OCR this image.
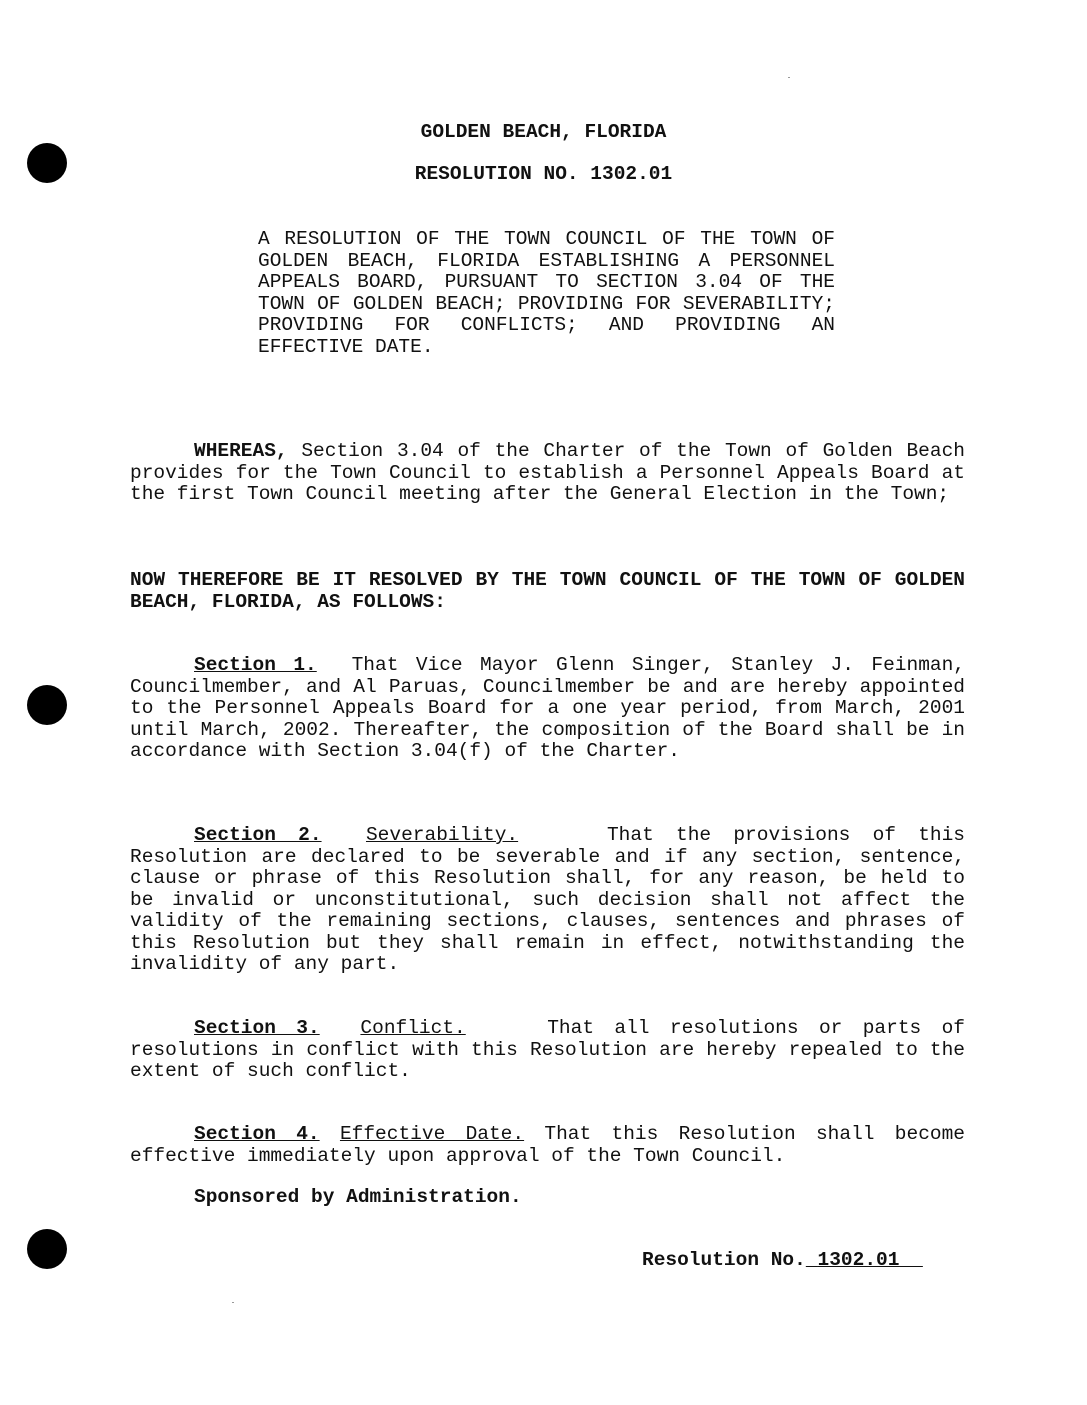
GOLDEN BEACH, FLORIDA
RESOLUTION NO. 1302.01
A RESOLUTION OF THE TOWN COUNCIL OF THE TOWN OF GOLDEN BEACH, FLORIDA ESTABLISHING A PERSONNEL APPEALS BOARD, PURSUANT TO SECTION 3.04 OF THE TOWN OF GOLDEN BEACH; PROVIDING FOR SEVERABILITY; PROVIDING FOR CONFLICTS; AND PROVIDING AN EFFECTIVE DATE.
WHEREAS, Section 3.04 of the Charter of the Town of Golden Beach provides for the Town Council to establish a Personnel Appeals Board at the first Town Council meeting after the General Election in the Town;
NOW THEREFORE BE IT RESOLVED BY THE TOWN COUNCIL OF THE TOWN OF GOLDEN BEACH, FLORIDA, AS FOLLOWS:
Section 1. That Vice Mayor Glenn Singer, Stanley J. Feinman, Councilmember, and Al Paruas, Councilmember be and are hereby appointed to the Personnel Appeals Board for a one year period, from March, 2001 until March, 2002. Thereafter, the composition of the Board shall be in accordance with Section 3.04(f) of the Charter.
Section 2. Severability.	That the provisions of this Resolution are declared to be severable and if any section, sentence, clause or phrase of this Resolution shall, for any reason, be held to be invalid or unconstitutional, such decision shall not affect the validity of the remaining sections, clauses, sentences and phrases of this Resolution but they shall remain in effect, notwithstanding the invalidity of any part.
Section 3. Conflict.	That all resolutions or parts of resolutions in conflict with this Resolution are hereby repealed to the extent of such conflict.
Section 4. Effective Date. That this Resolution shall become effective immediately upon approval of the Town Council.
Sponsored by Administration.
Resolution No. 1302.01
